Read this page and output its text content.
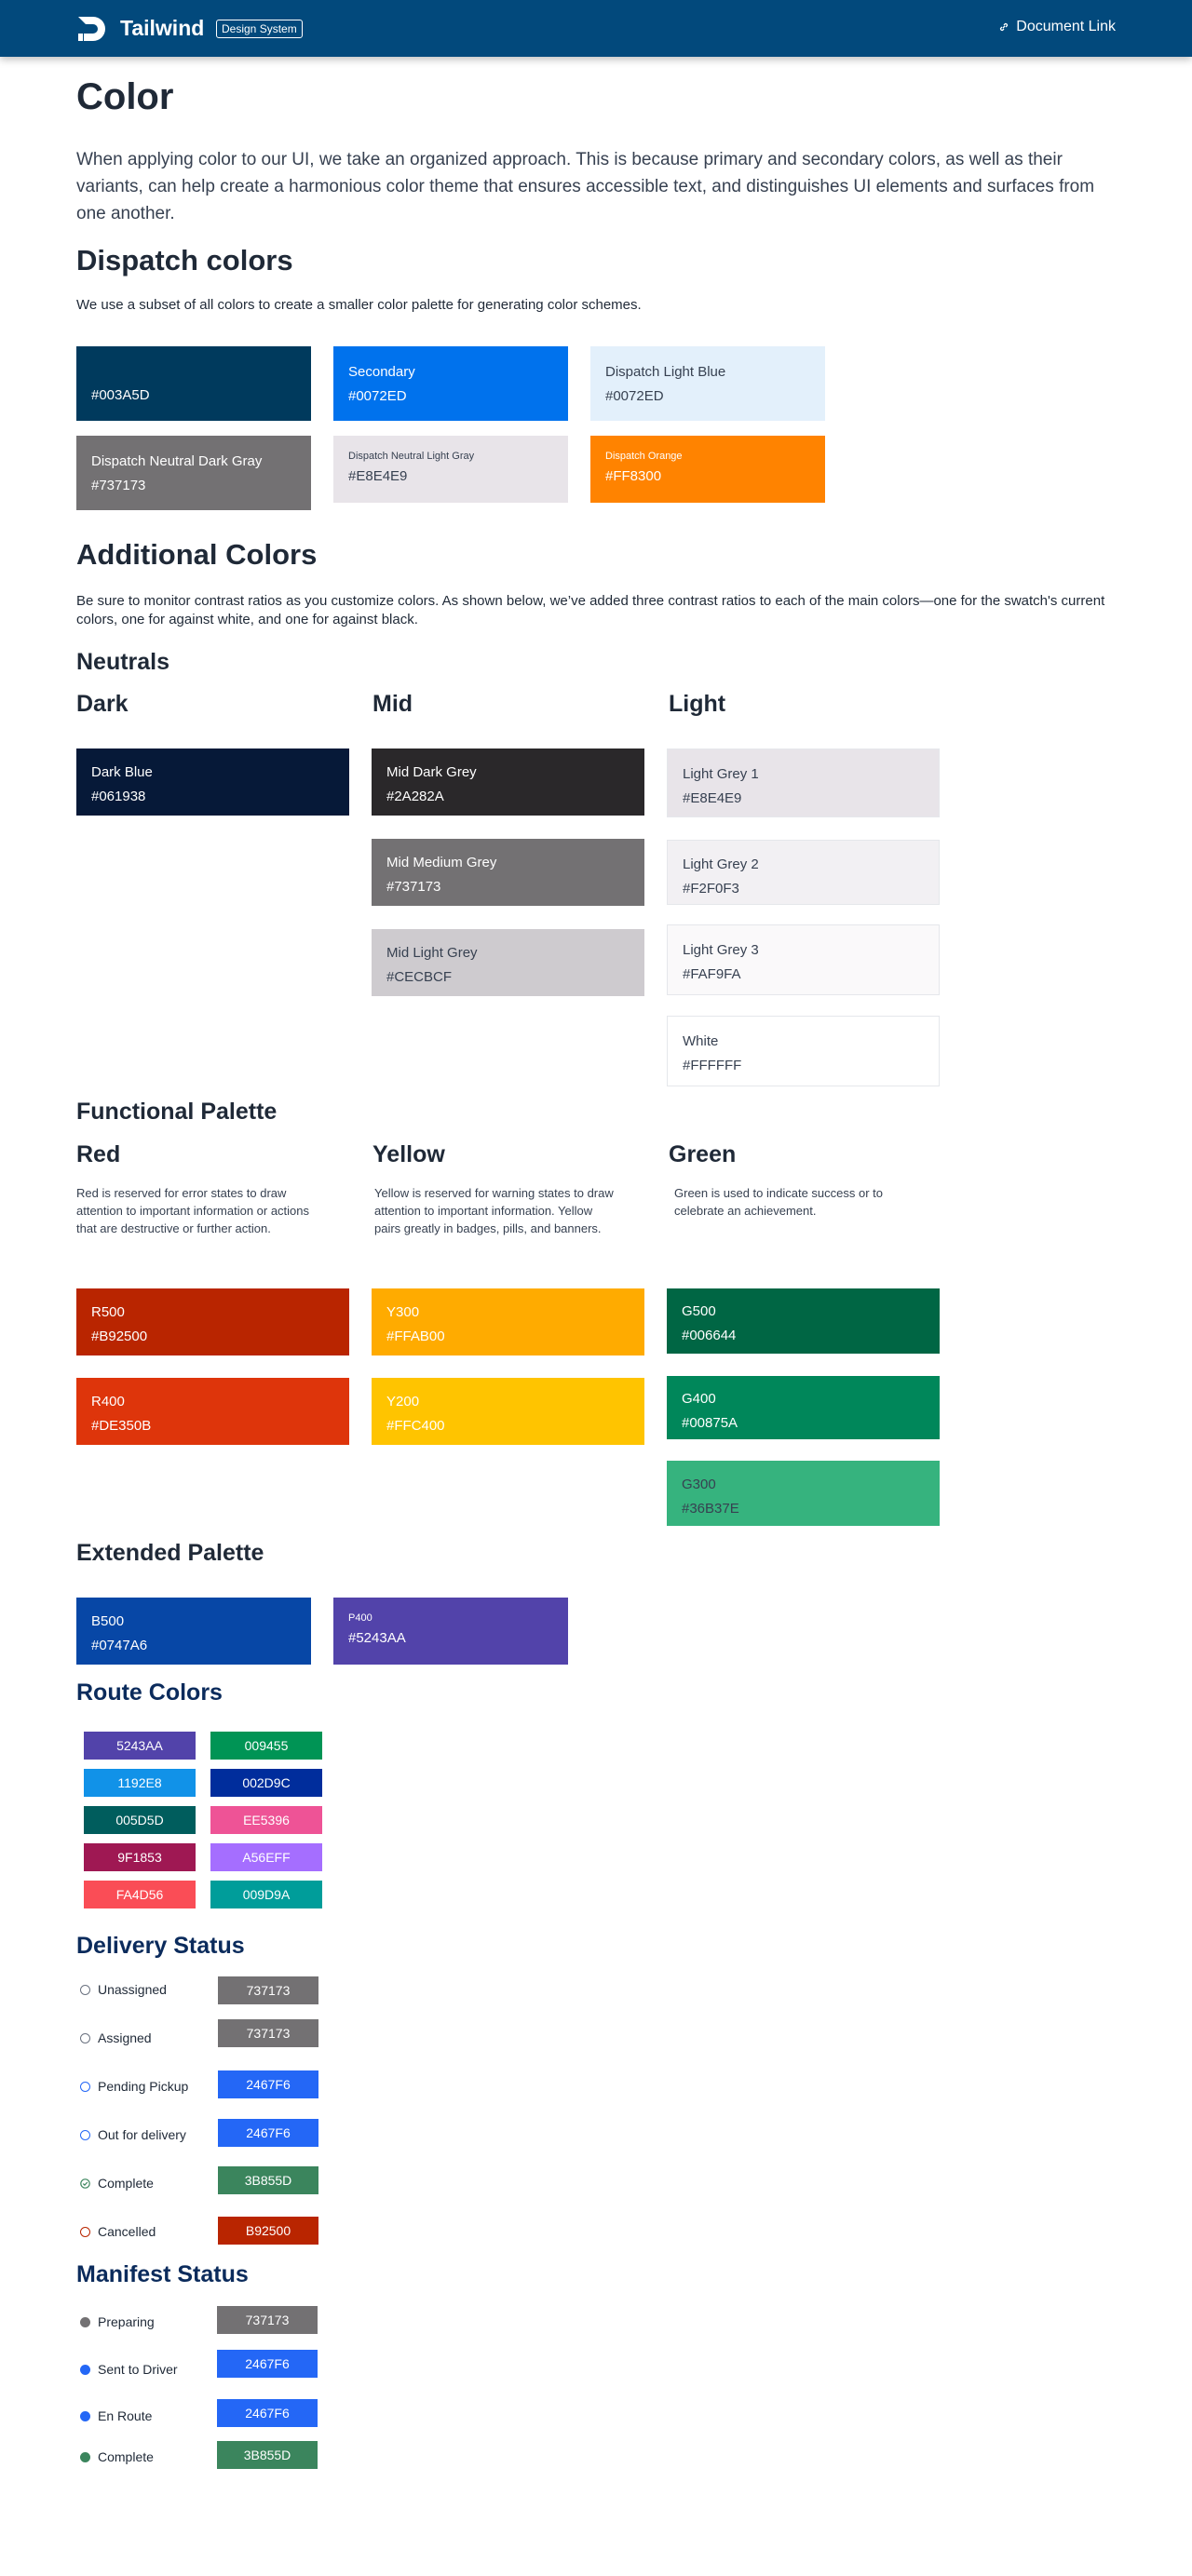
Tailwind	Design System	Document Link
Color
When applying color to our UI, we take an organized approach. This is because primary and secondary colors, as well as their variants, can help create a harmonious color theme that ensures accessible text, and distinguishes UI elements and surfaces from one another.
Dispatch colors
We use a subset of all colors to create a smaller color palette for generating color schemes.
#003A5D
Secondary
#0072ED
Dispatch Light Blue
#0072ED
Dispatch Neutral Dark Gray
#737173
Dispatch Neutral Light Gray
#E8E4E9
Dispatch Orange
#FF8300
Additional Colors
Be sure to monitor contrast ratios as you customize colors. As shown below, we’ve added three contrast ratios to each of the main colors—one for the swatch's current colors, one for against white, and one for against black.
Neutrals
Dark	Mid	Light
Dark Blue
#061938
Mid Dark Grey
#2A282A
Mid Medium Grey
#737173
Mid Light Grey
#CECBCF
Light Grey 1
#E8E4E9
Light Grey 2
#F2F0F3
Light Grey 3
#FAF9FA
White
#FFFFFF
Functional Palette
Red	Yellow	Green
Red is reserved for error states to draw attention to important information or actions that are destructive or further action.
Yellow is reserved for warning states to draw attention to important information. Yellow pairs greatly in badges, pills, and banners.
Green is used to indicate success or to celebrate an achievement.
R500
#B92500
R400
#DE350B
Y300
#FFAB00
Y200
#FFC400
G500
#006644
G400
#00875A
G300
#36B37E
Extended Palette
B500
#0747A6
P400
#5243AA
Route Colors
5243AA	009455
1192E8	002D9C
005D5D	EE5396
9F1853	A56EFF
FA4D56	009D9A
Delivery Status
Unassigned	737173
Assigned	737173
Pending Pickup	2467F6
Out for delivery	2467F6
Complete	3B855D
Cancelled	B92500
Manifest Status
Preparing	737173
Sent to Driver	2467F6
En Route	2467F6
Complete	3B855D
